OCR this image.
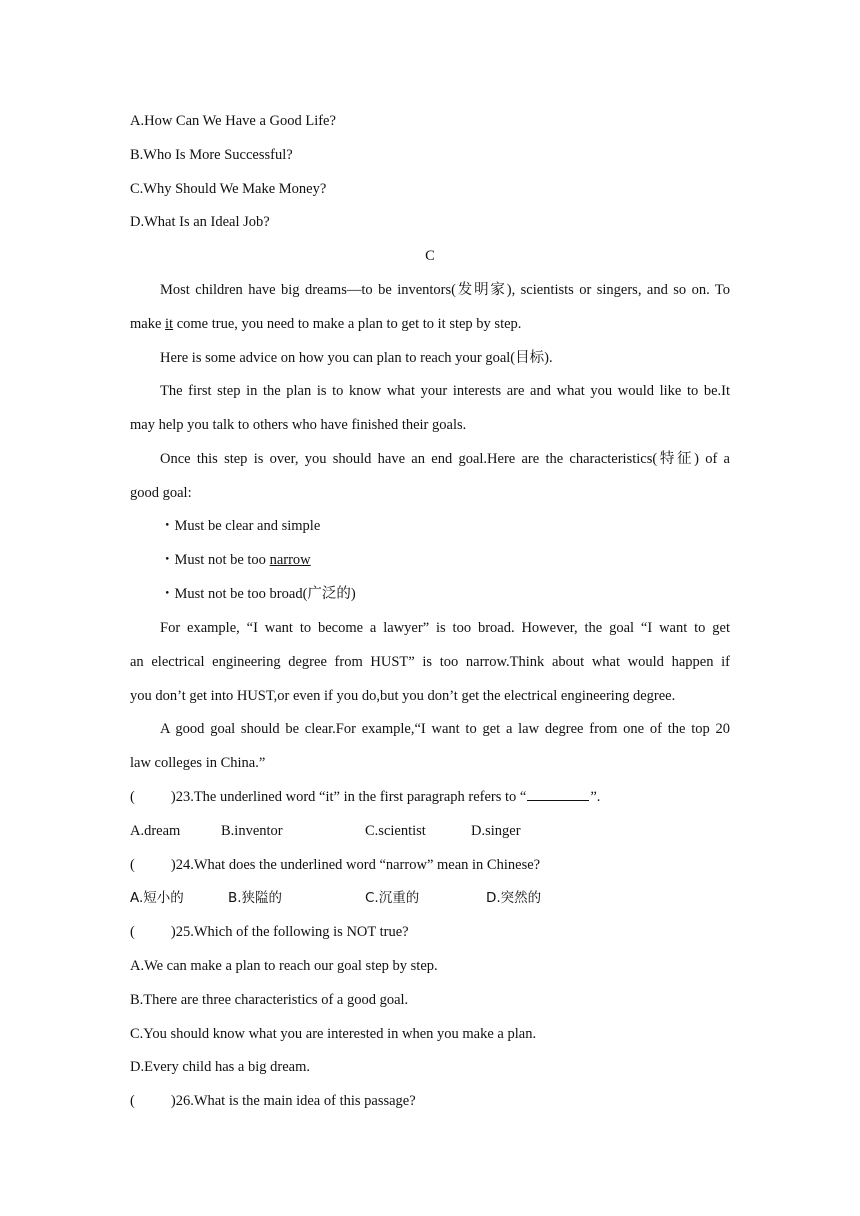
A.How Can We Have a Good Life?
B.Who Is More Successful?
C.Why Should We Make Money?
D.What Is an Ideal Job?
C
Most children have big dreams—to be inventors(发明家), scientists or singers, and so on. To
make it come true, you need to make a plan to get to it step by step.
Here is some advice on how you can plan to reach your goal(目标).
The first step in the plan is to know what your interests are and what you would like to be.It
may help you talk to others who have finished their goals.
Once this step is over, you should have an end goal.Here are the characteristics(特征) of a
good goal:
・Must be clear and simple
・Must not be too narrow
・Must not be too broad(广泛的)
For example, “I want to become a lawyer” is too broad. However, the goal “I want to get
an electrical engineering degree from HUST” is too narrow.Think about what would happen if
you don’t get into HUST,or even if you do,but you don’t get the electrical engineering degree.
A good goal should be clear.For example,“I want to get a law degree from one of the top 20
law colleges in China.”
( )23.The underlined word “it” in the first paragraph refers to “	”.
A.dream	B.inventor	C.scientist	D.singer
( )24.What does the underlined word “narrow” mean in Chinese?
A.短小的	B.狭隘的	C.沉重的	D.突然的
( )25.Which of the following is NOT true?
A.We can make a plan to reach our goal step by step.
B.There are three characteristics of a good goal.
C.You should know what you are interested in when you make a plan.
D.Every child has a big dream.
( )26.What is the main idea of this passage?
